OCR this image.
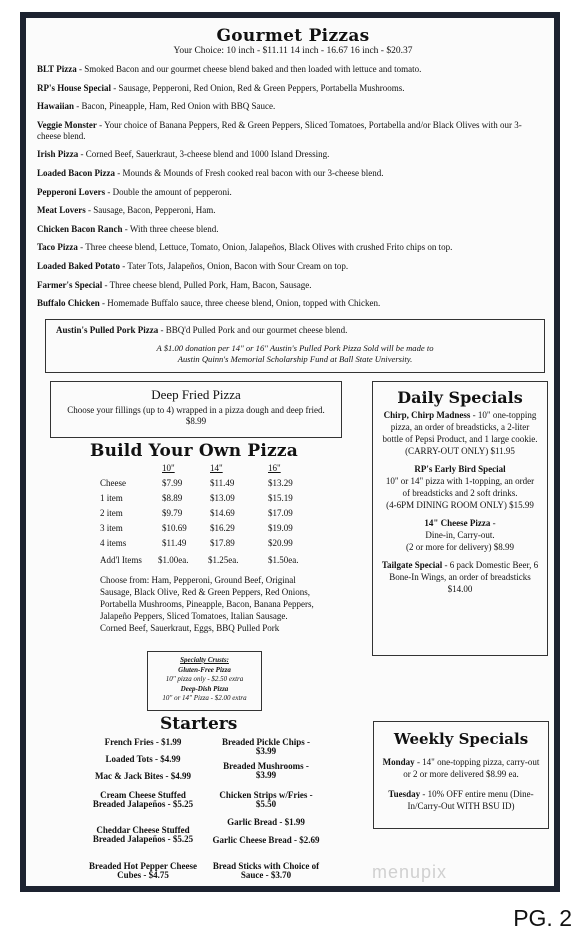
Gourmet Pizzas
Your Choice: 10 inch - $11.11 14 inch - 16.67 16 inch - $20.37
BLT Pizza - Smoked Bacon and our gourmet cheese blend baked and then loaded with lettuce and tomato.
RP's House Special - Sausage, Pepperoni, Red Onion, Red & Green Peppers, Portabella Mushrooms.
Hawaiian - Bacon, Pineapple, Ham, Red Onion with BBQ Sauce.
Veggie Monster - Your choice of Banana Peppers, Red & Green Peppers, Sliced Tomatoes, Portabella and/or Black Olives with our 3-cheese blend.
Irish Pizza - Corned Beef, Sauerkraut, 3-cheese blend and 1000 Island Dressing.
Loaded Bacon Pizza - Mounds & Mounds of Fresh cooked real bacon with our 3-cheese blend.
Pepperoni Lovers - Double the amount of pepperoni.
Meat Lovers - Sausage, Bacon, Pepperoni, Ham.
Chicken Bacon Ranch - With three cheese blend.
Taco Pizza - Three cheese blend, Lettuce, Tomato, Onion, Jalapeños, Black Olives with crushed Frito chips on top.
Loaded Baked Potato - Tater Tots, Jalapeños, Onion, Bacon with Sour Cream on top.
Farmer's Special - Three cheese blend, Pulled Pork, Ham, Bacon, Sausage.
Buffalo Chicken - Homemade Buffalo sauce, three cheese blend, Onion, topped with Chicken.
Austin's Pulled Pork Pizza - BBQ'd Pulled Pork and our gourmet cheese blend.
A $1.00 donation per 14" or 16" Austin's Pulled Pork Pizza Sold will be made to
Austin Quinn's Memorial Scholarship Fund at Ball State University.
Deep Fried Pizza
Choose your fillings (up to 4) wrapped in a pizza dough and deep fried. $8.99
Build Your Own Pizza
10"	14"	16"
Cheese	$7.99	$11.49	$13.29
1 item	$8.89	$13.09	$15.19
2 item	$9.79	$14.69	$17.09
3 item	$10.69	$16.29	$19.09
4 items	$11.49	$17.89	$20.99
Add'l Items $1.00ea. $1.25ea.	$1.50ea.
Choose from: Ham, Pepperoni, Ground Beef, Original Sausage, Black Olive, Red & Green Peppers, Red Onions, Portabella Mushrooms, Pineapple, Bacon, Banana Peppers, Jalapeño Peppers, Sliced Tomatoes, Italian Sausage. Corned Beef, Sauerkraut, Eggs, BBQ Pulled Pork
Specialty Crusts:
Gluten-Free Pizza
10" pizza only - $2.50 extra
Deep-Dish Pizza
10" or 14" Pizza - $2.00 extra
Starters
French Fries - $1.99	Breaded Pickle Chips - $3.99
Loaded Tots - $4.99
Breaded Mushrooms - $3.99
Mac & Jack Bites - $4.99
Cream Cheese Stuffed Breaded Jalapeños - $5.25
Chicken Strips w/Fries - $5.50
Garlic Bread - $1.99
Cheddar Cheese Stuffed Breaded Jalapeños - $5.25	Garlic Cheese Bread - $2.69
Breaded Hot Pepper Cheese Cubes - $4.75
Bread Sticks with Choice of Sauce - $3.70
Daily Specials
Chirp, Chirp Madness - 10" one-topping pizza, an order of breadsticks, a 2-liter bottle of Pepsi Product, and 1 large cookie.
(CARRY-OUT ONLY) $11.95
RP's Early Bird Special
10" or 14" pizza with 1-topping, an order of breadsticks and 2 soft drinks.
(4-6PM DINING ROOM ONLY) $15.99
14" Cheese Pizza -
Dine-in, Carry-out.
(2 or more for delivery) $8.99
Tailgate Special - 6 pack Domestic Beer, 6 Bone-In Wings, an order of breadsticks $14.00
Weekly Specials
Monday - 14" one-topping pizza, carry-out or 2 or more delivered $8.99 ea.
Tuesday - 10% OFF entire menu (Dine-In/Carry-Out WITH BSU ID)
menupix
PG. 2
